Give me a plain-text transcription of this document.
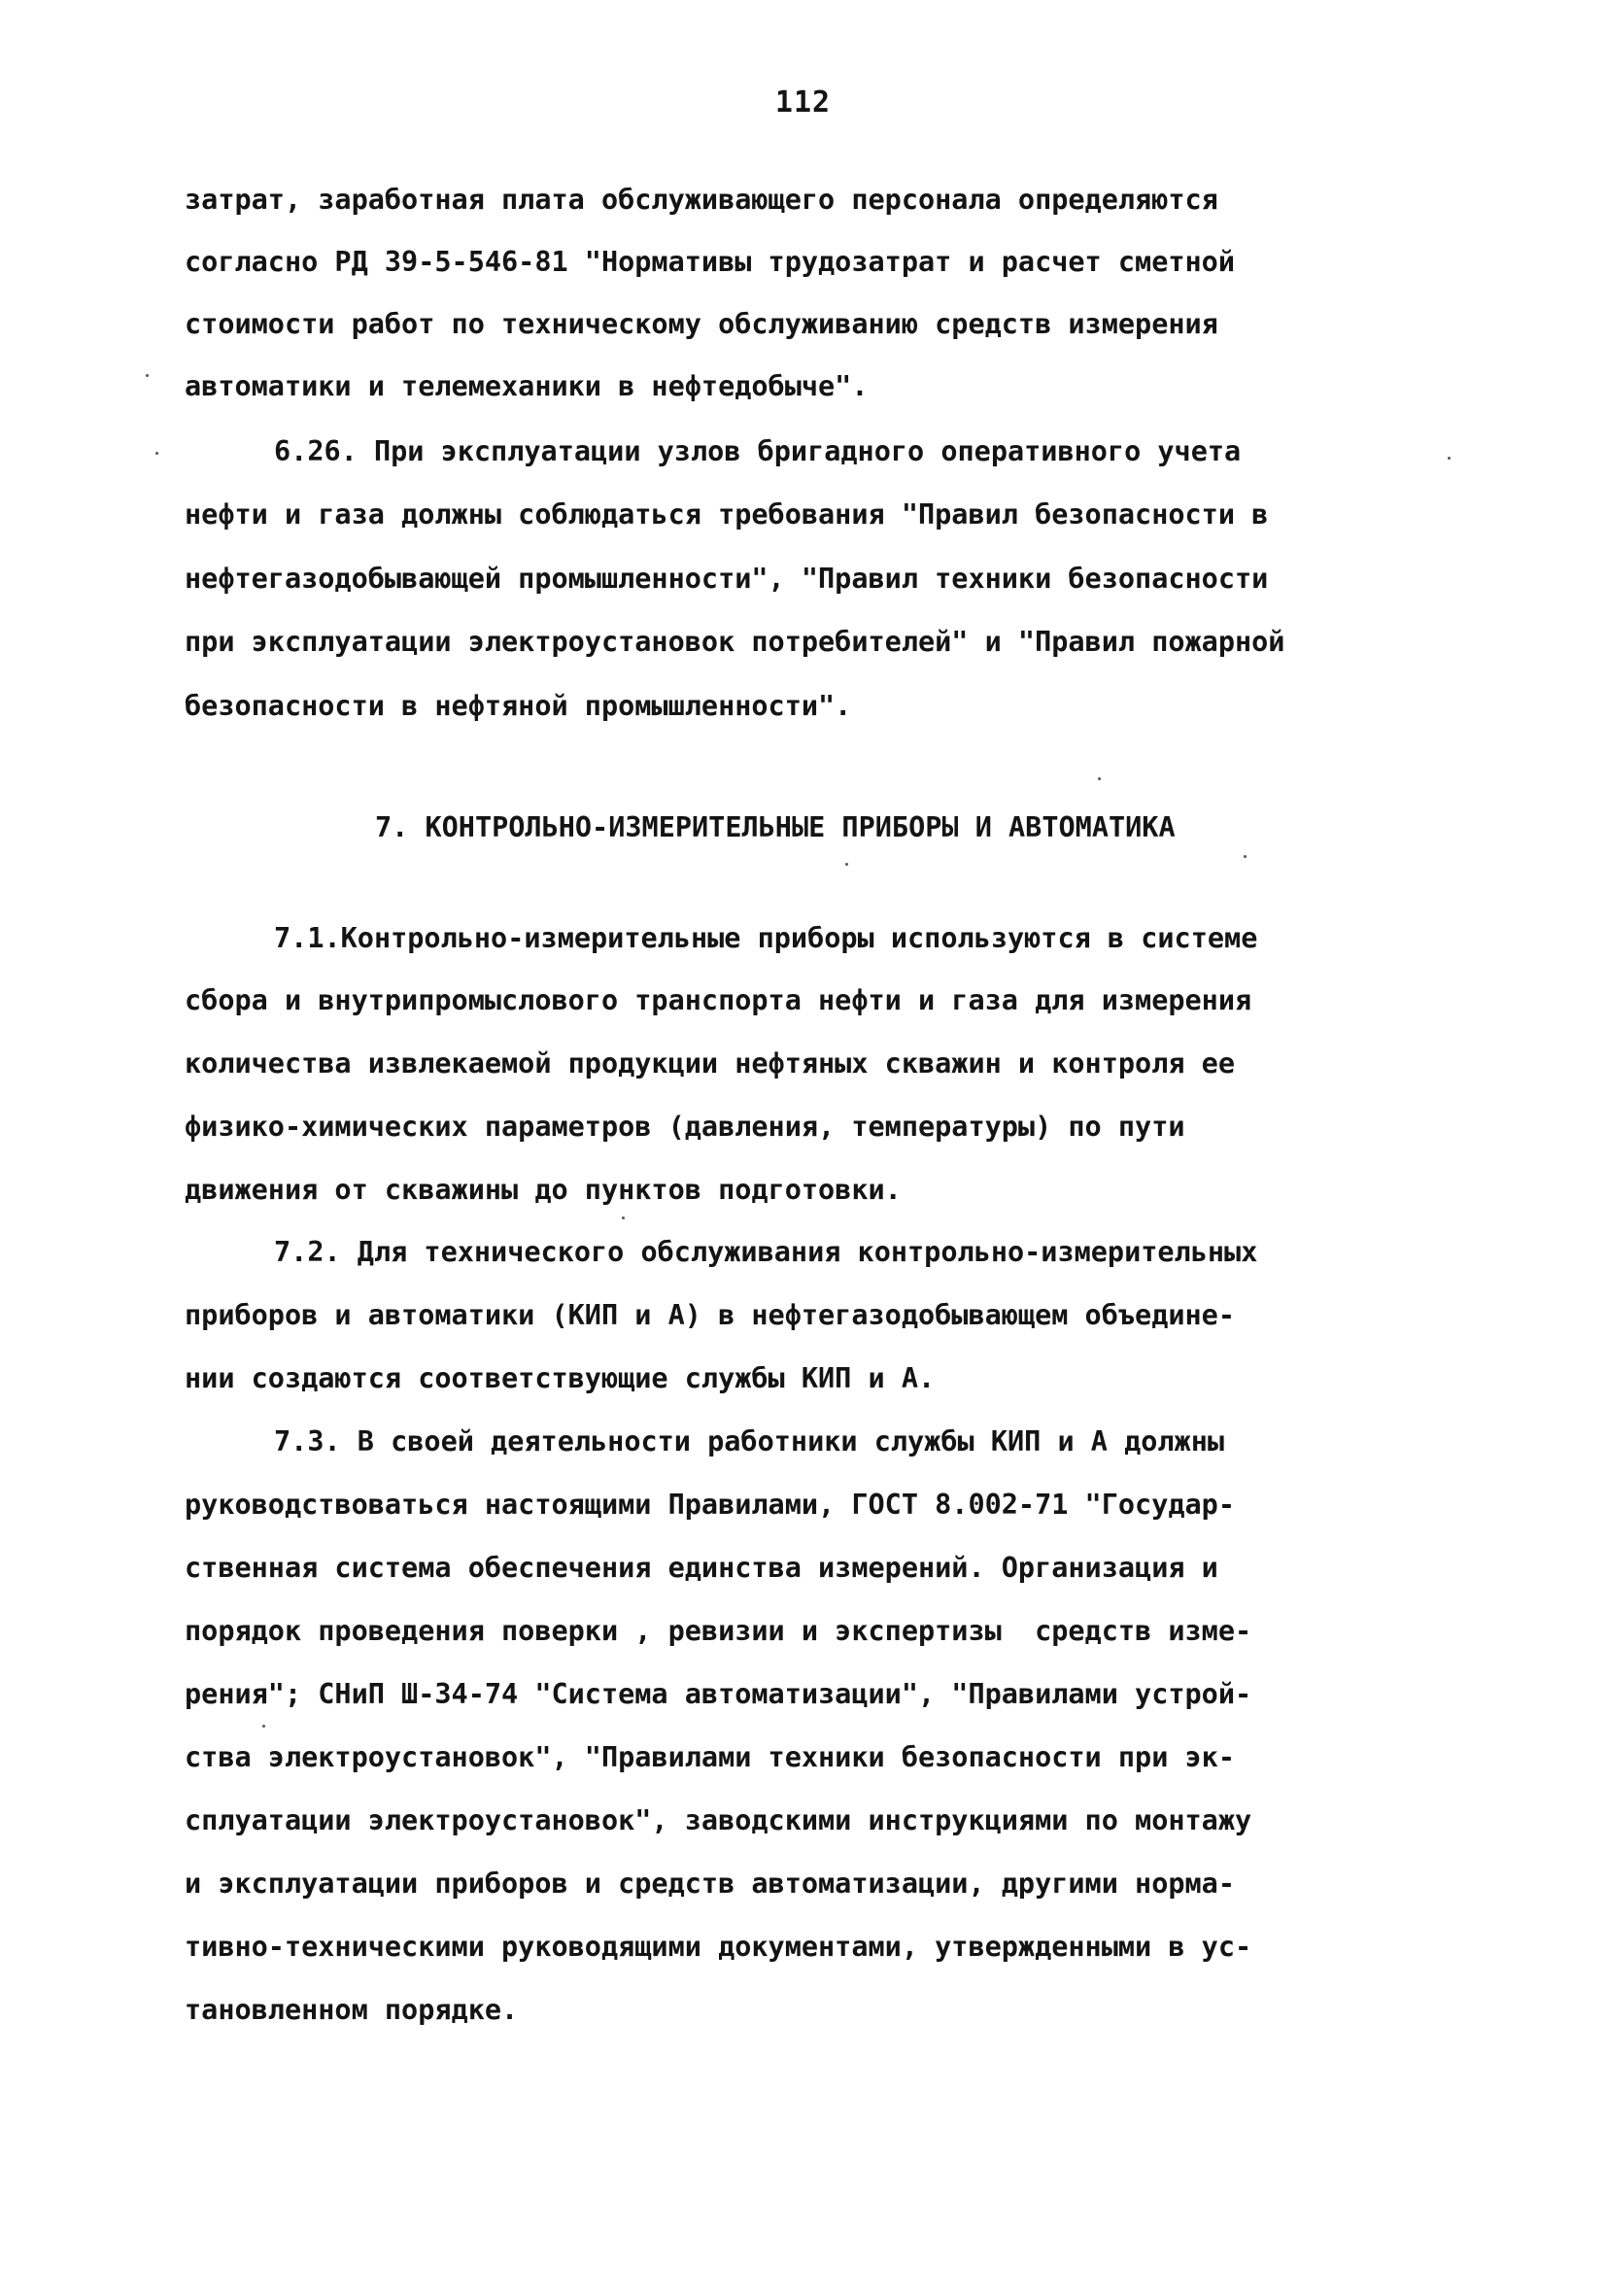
112
затрат, заработная плата обслуживающего персонала определяются
согласно РД 39-5-546-81 "Нормативы трудозатрат и расчет сметной
стоимости работ по техническому обслуживанию средств измерения
автоматики и телемеханики в нефтедобыче".
6.26. При эксплуатации узлов бригадного оперативного учета
нефти и газа должны соблюдаться требования "Правил безопасности в
нефтегазодобывающей промышленности", "Правил техники безопасности
при эксплуатации электроустановок потребителей" и "Правил пожарной
безопасности в нефтяной промышленности".
7. КОНТРОЛЬНО-ИЗМЕРИТЕЛЬНЫЕ ПРИБОРЫ И АВТОМАТИКА
7.1.Контрольно-измерительные приборы используются в системе
сбора и внутрипромыслового транспорта нефти и газа для измерения
количества извлекаемой продукции нефтяных скважин и контроля ее
физико-химических параметров (давления, температуры) по пути
движения от скважины до пунктов подготовки.
7.2. Для технического обслуживания контрольно-измерительных
приборов и автоматики (КИП и А) в нефтегазодобывающем объедине-
нии создаются соответствующие службы КИП и А.
7.3. В своей деятельности работники службы КИП и А должны
руководствоваться настоящими Правилами, ГОСТ 8.002-71 "Государ-
ственная система обеспечения единства измерений. Организация и
порядок проведения поверки , ревизии и экспертизы  средств изме-
рения"; СНиП Ш-34-74 "Система автоматизации", "Правилами устрой-
ства электроустановок", "Правилами техники безопасности при эк-
сплуатации электроустановок", заводскими инструкциями по монтажу
и эксплуатации приборов и средств автоматизации, другими норма-
тивно-техническими руководящими документами, утвержденными в ус-
тановленном порядке.
